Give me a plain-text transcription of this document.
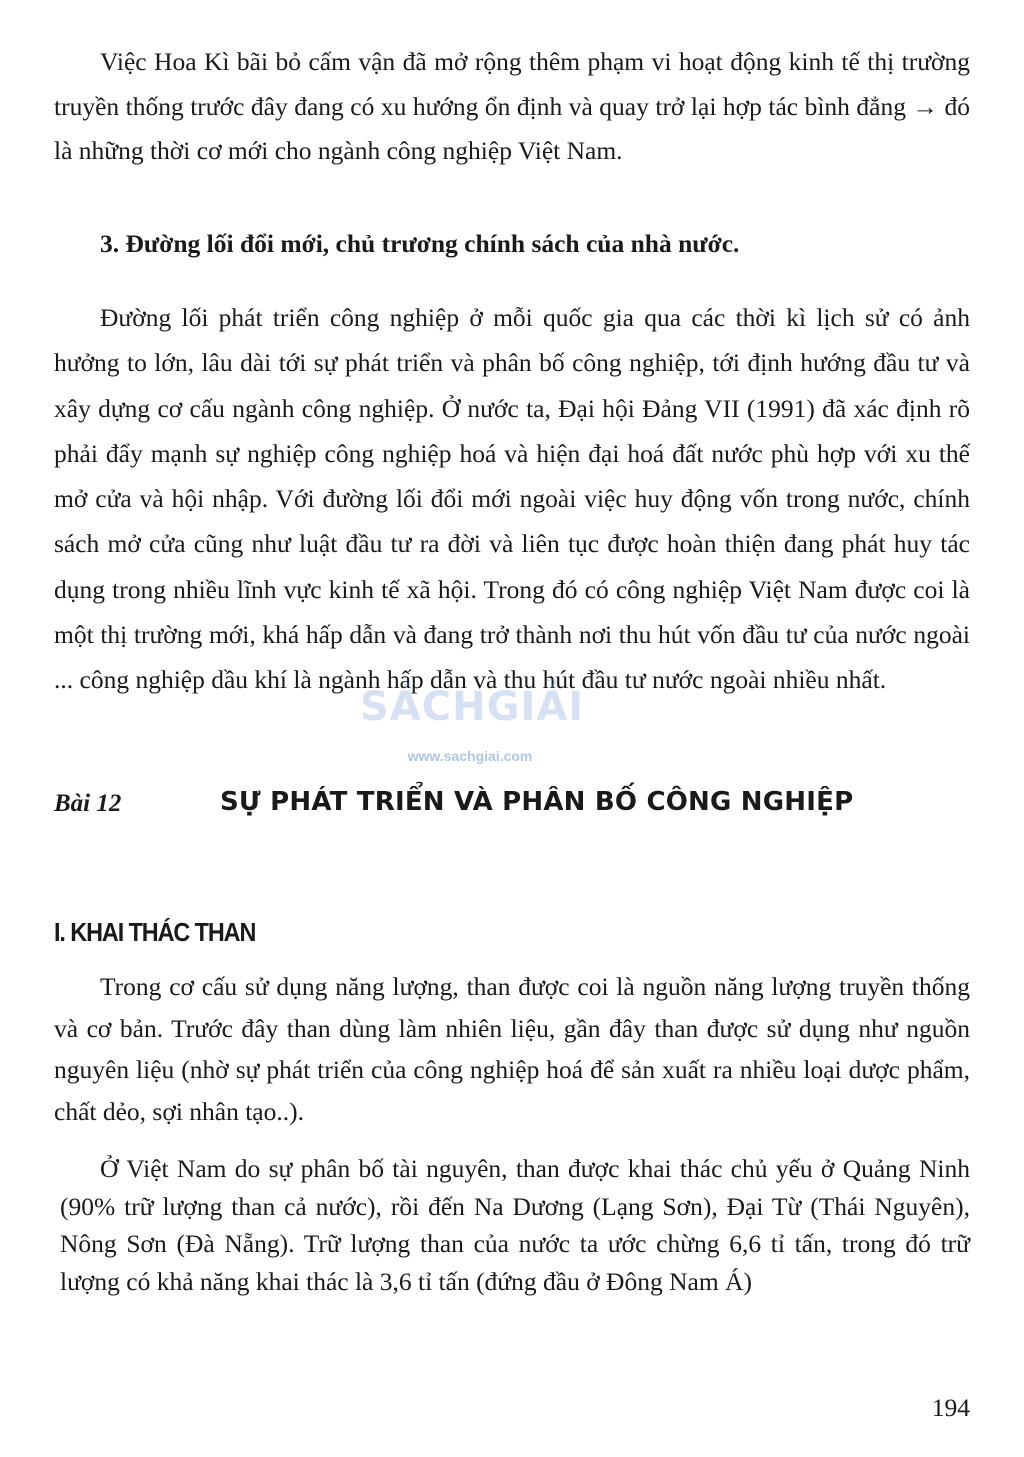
Việc Hoa Kì bãi bỏ cấm vận đã mở rộng thêm phạm vi hoạt động kinh tế thị trường truyền thống trước đây đang có xu hướng ổn định và quay trở lại hợp tác bình đẳng → đó là những thời cơ mới cho ngành công nghiệp Việt Nam.

3. Đường lối đổi mới, chủ trương chính sách của nhà nước.

Đường lối phát triển công nghiệp ở mỗi quốc gia qua các thời kì lịch sử có ảnh hưởng to lớn, lâu dài tới sự phát triển và phân bố công nghiệp, tới định hướng đầu tư và xây dựng cơ cấu ngành công nghiệp. Ở nước ta, Đại hội Đảng VII (1991) đã xác định rõ phải đẩy mạnh sự nghiệp công nghiệp hoá và hiện đại hoá đất nước phù hợp với xu thế mở cửa và hội nhập. Với đường lối đổi mới ngoài việc huy động vốn trong nước, chính sách mở cửa cũng như luật đầu tư ra đời và liên tục được hoàn thiện đang phát huy tác dụng trong nhiều lĩnh vực kinh tế xã hội. Trong đó có công nghiệp Việt Nam được coi là một thị trường mới, khá hấp dẫn và đang trở thành nơi thu hút vốn đầu tư của nước ngoài ... công nghiệp dầu khí là ngành hấp dẫn và thu hút đầu tư nước ngoài nhiều nhất.

Bài 12	SỰ PHÁT TRIỂN VÀ PHÂN BỐ CÔNG NGHIỆP
I. KHAI THÁC THAN

Trong cơ cấu sử dụng năng lượng, than được coi là nguồn năng lượng truyền thống và cơ bản. Trước đây than dùng làm nhiên liệu, gần đây than được sử dụng như nguồn nguyên liệu (nhờ sự phát triển của công nghiệp hoá để sản xuất ra nhiều loại dược phẩm, chất dẻo, sợi nhân tạo..).

Ở Việt Nam do sự phân bố tài nguyên, than được khai thác chủ yếu ở Quảng Ninh (90% trữ lượng than cả nước), rồi đến Na Dương (Lạng Sơn), Đại Từ (Thái Nguyên), Nông Sơn (Đà Nẵng). Trữ lượng than của nước ta ước chừng 6,6 tỉ tấn, trong đó trữ lượng có khả năng khai thác là 3,6 tỉ tấn (đứng đầu ở Đông Nam Á)

194
SÁCHGIẢI
www.sachgiai.com
